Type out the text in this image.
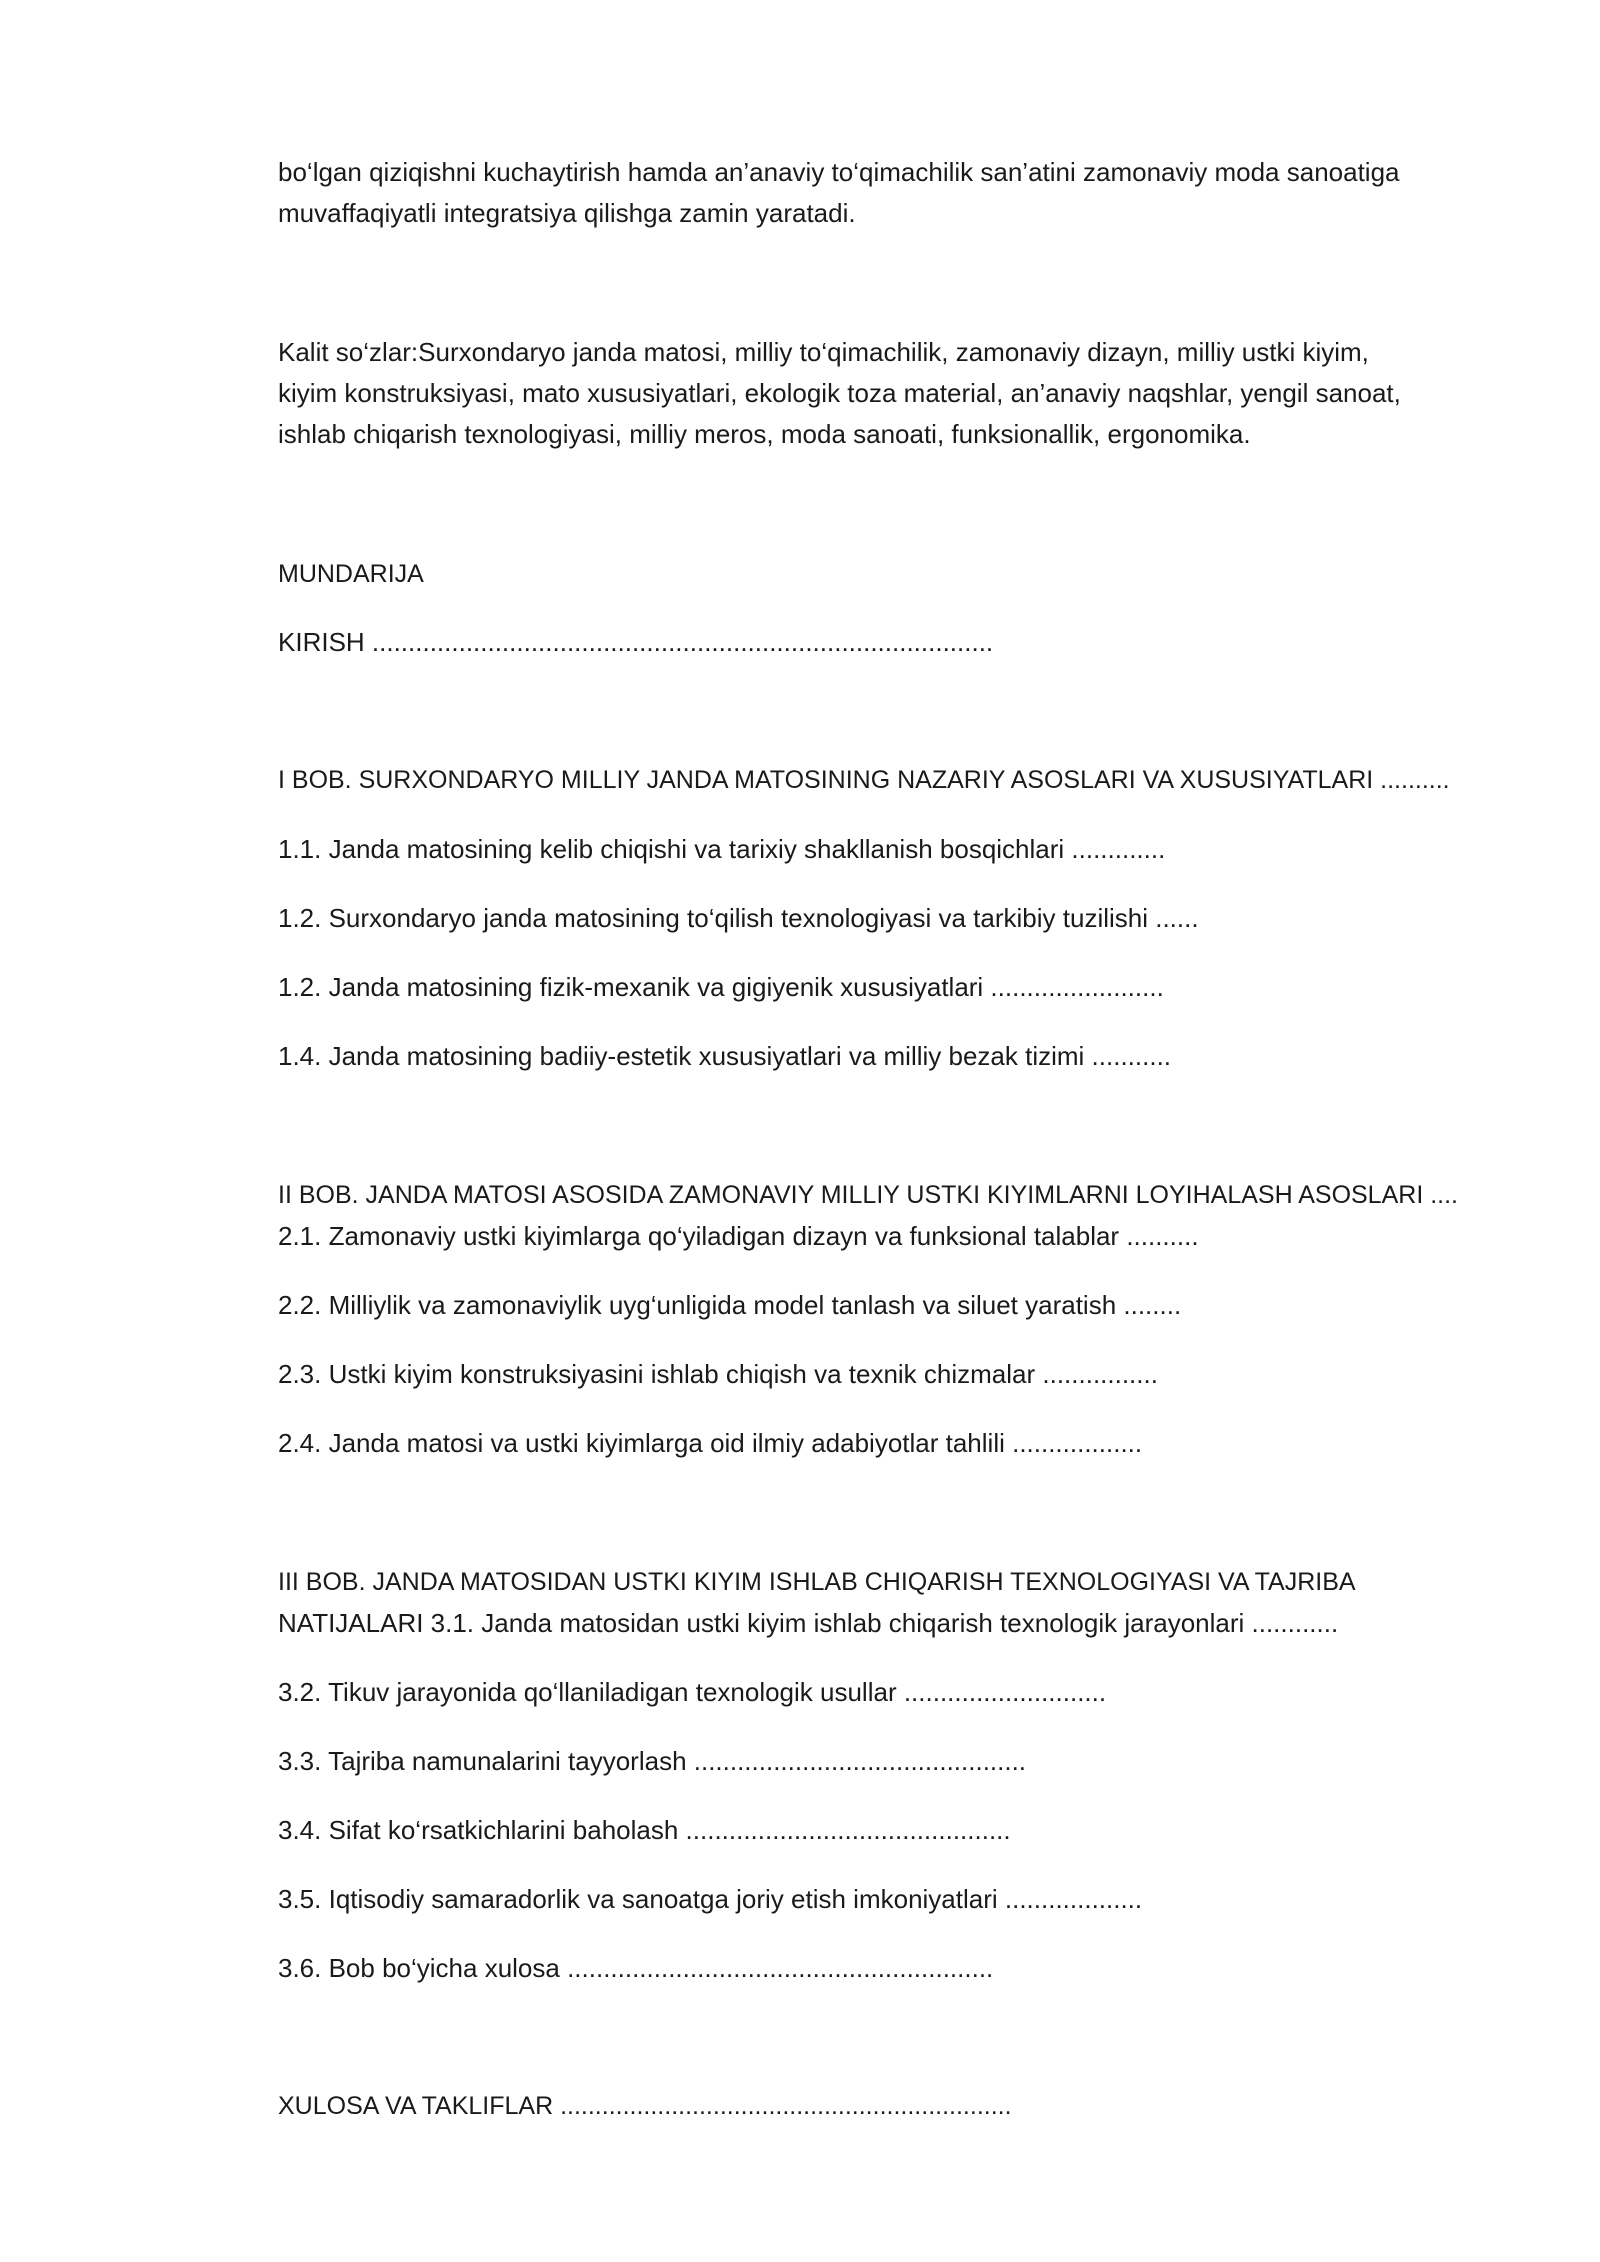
bo‘lgan qiziqishni kuchaytirish hamda an’anaviy to‘qimachilik san’atini zamonaviy moda sanoatiga
muvaffaqiyatli integratsiya qilishga zamin yaratadi.
Kalit so‘zlar:Surxondaryo janda matosi, milliy to‘qimachilik, zamonaviy dizayn, milliy ustki kiyim,
kiyim konstruksiyasi, mato xususiyatlari, ekologik toza material, an’anaviy naqshlar, yengil sanoat,
ishlab chiqarish texnologiyasi, milliy meros, moda sanoati, funksionallik, ergonomika.
MUNDARIJA
KIRISH ......................................................................................
I BOB. SURXONDARYO MILLIY JANDA MATOSINING NAZARIY ASOSLARI VA XUSUSIYATLARI ..........
1.1. Janda matosining kelib chiqishi va tarixiy shakllanish bosqichlari .............
1.2. Surxondaryo janda matosining to‘qilish texnologiyasi va tarkibiy tuzilishi ......
1.2. Janda matosining fizik-mexanik va gigiyenik xususiyatlari ........................
1.4. Janda matosining badiiy-estetik xususiyatlari va milliy bezak tizimi ...........
II BOB. JANDA MATOSI ASOSIDA ZAMONAVIY MILLIY USTKI KIYIMLARNI LOYIHALASH ASOSLARI ....
2.1. Zamonaviy ustki kiyimlarga qo‘yiladigan dizayn va funksional talablar ..........
2.2. Milliylik va zamonaviylik uyg‘unligida model tanlash va siluet yaratish ........
2.3. Ustki kiyim konstruksiyasini ishlab chiqish va texnik chizmalar ................
2.4. Janda matosi va ustki kiyimlarga oid ilmiy adabiyotlar tahlili ..................
III BOB. JANDA MATOSIDAN USTKI KIYIM ISHLAB CHIQARISH TEXNOLOGIYASI VA TAJRIBA
NATIJALARI 3.1. Janda matosidan ustki kiyim ishlab chiqarish texnologik jarayonlari ............
3.2. Tikuv jarayonida qo‘llaniladigan texnologik usullar ............................
3.3. Tajriba namunalarini tayyorlash ..............................................
3.4. Sifat ko‘rsatkichlarini baholash .............................................
3.5. Iqtisodiy samaradorlik va sanoatga joriy etish imkoniyatlari ...................
3.6. Bob bo‘yicha xulosa ...........................................................
XULOSA VA TAKLIFLAR .................................................................
